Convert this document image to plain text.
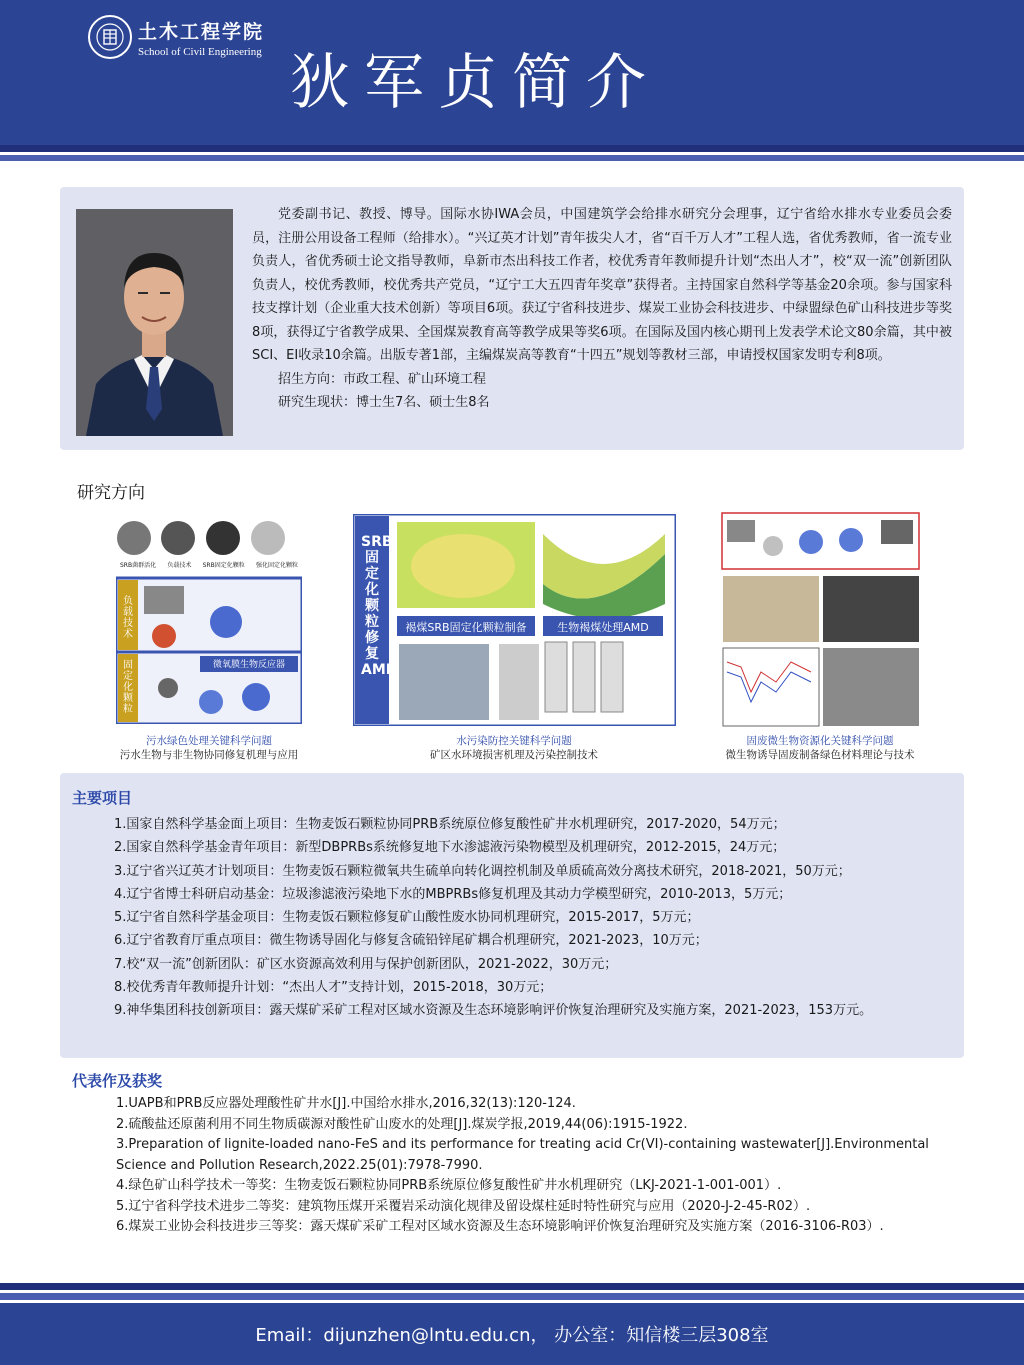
土木工程学院
School of Civil Engineering 狄军贞简介

党委副书记、教授、博导。国际水协IWA会员，中国建筑学会给排水研究分会理事，辽宁省给水排水专业委员会委员，注册公用设备工程师（给排水）。“兴辽英才计划”青年拔尖人才，省“百千万人才”工程人选，省优秀教师，省一流专业负责人，省优秀硕士论文指导教师，阜新市杰出科技工作者，校优秀青年教师提升计划“杰出人才”，校“双一流”创新团队负责人，校优秀教师，校优秀共产党员，“辽宁工大五四青年奖章”获得者。主持国家自然科学等基金20余项。参与国家科技支撑计划（企业重大技术创新）等项目6项。获辽宁省科技进步、煤炭工业协会科技进步、中绿盟绿色矿山科技进步等奖8项，获得辽宁省教学成果、全国煤炭教育高等教学成果等奖6项。在国际及国内核心期刊上发表学术论文80余篇，其中被SCI、EI收录10余篇。出版专著1部，主编煤炭高等教育“十四五”规划等教材三部，申请授权国家发明专利8项。

招生方向：市政工程、矿山环境工程
研究生现状：博士生7名、硕士生8名
研究方向
SRB菌群活化 负载技术 SRB固定化颗粒 强化固定化颗粒
负载技术
固定化颗粒
微氧膜生物反应器
污水绿色处理关键科学问题
污水生物与非生物协同修复机理与应用
SRB固定化颗粒修复AMD
褐煤SRB固定化颗粒制备	生物褐煤处理AMD
水污染防控关键科学问题
矿区水环境损害机理及污染控制技术
固废微生物资源化关键科学问题
微生物诱导固废制备绿色材料理论与技术
主要项目
1.国家自然科学基金面上项目：生物麦饭石颗粒协同PRB系统原位修复酸性矿井水机理研究，2017-2020，54万元；
2.国家自然科学基金青年项目：新型DBPRBs系统修复地下水渗滤液污染物模型及机理研究，2012-2015，24万元；
3.辽宁省兴辽英才计划项目：生物麦饭石颗粒微氧共生硫单向转化调控机制及单质硫高效分离技术研究，2018-2021，50万元；
4.辽宁省博士科研启动基金：垃圾渗滤液污染地下水的MBPRBs修复机理及其动力学模型研究，2010-2013，5万元；
5.辽宁省自然科学基金项目：生物麦饭石颗粒修复矿山酸性废水协同机理研究，2015-2017，5万元；
6.辽宁省教育厅重点项目：微生物诱导固化与修复含硫铅锌尾矿耦合机理研究，2021-2023，10万元；
7.校“双一流”创新团队：矿区水资源高效利用与保护创新团队，2021-2022，30万元；
8.校优秀青年教师提升计划：“杰出人才”支持计划，2015-2018，30万元；
9.神华集团科技创新项目：露天煤矿采矿工程对区域水资源及生态环境影响评价恢复治理研究及实施方案，2021-2023，153万元。
代表作及获奖
1.UAPB和PRB反应器处理酸性矿井水[J].中国给水排水,2016,32(13):120-124.
2.硫酸盐还原菌利用不同生物质碳源对酸性矿山废水的处理[J].煤炭学报,2019,44(06):1915-1922.
3.Preparation of lignite-loaded nano-FeS and its performance for treating acid Cr(VI)-containing wastewater[J].Environmental Science and Pollution Research,2022.25(01):7978-7990.
4.绿色矿山科学技术一等奖：生物麦饭石颗粒协同PRB系统原位修复酸性矿井水机理研究（LKJ-2021-1-001-001）.
5.辽宁省科学技术进步二等奖：建筑物压煤开采覆岩采动演化规律及留设煤柱延时特性研究与应用（2020-J-2-45-R02）.
6.煤炭工业协会科技进步三等奖：露天煤矿采矿工程对区域水资源及生态环境影响评价恢复治理研究及实施方案（2016-3106-R03）.
Email：dijunzhen@lntu.edu.cn， 办公室：知信楼三层308室
